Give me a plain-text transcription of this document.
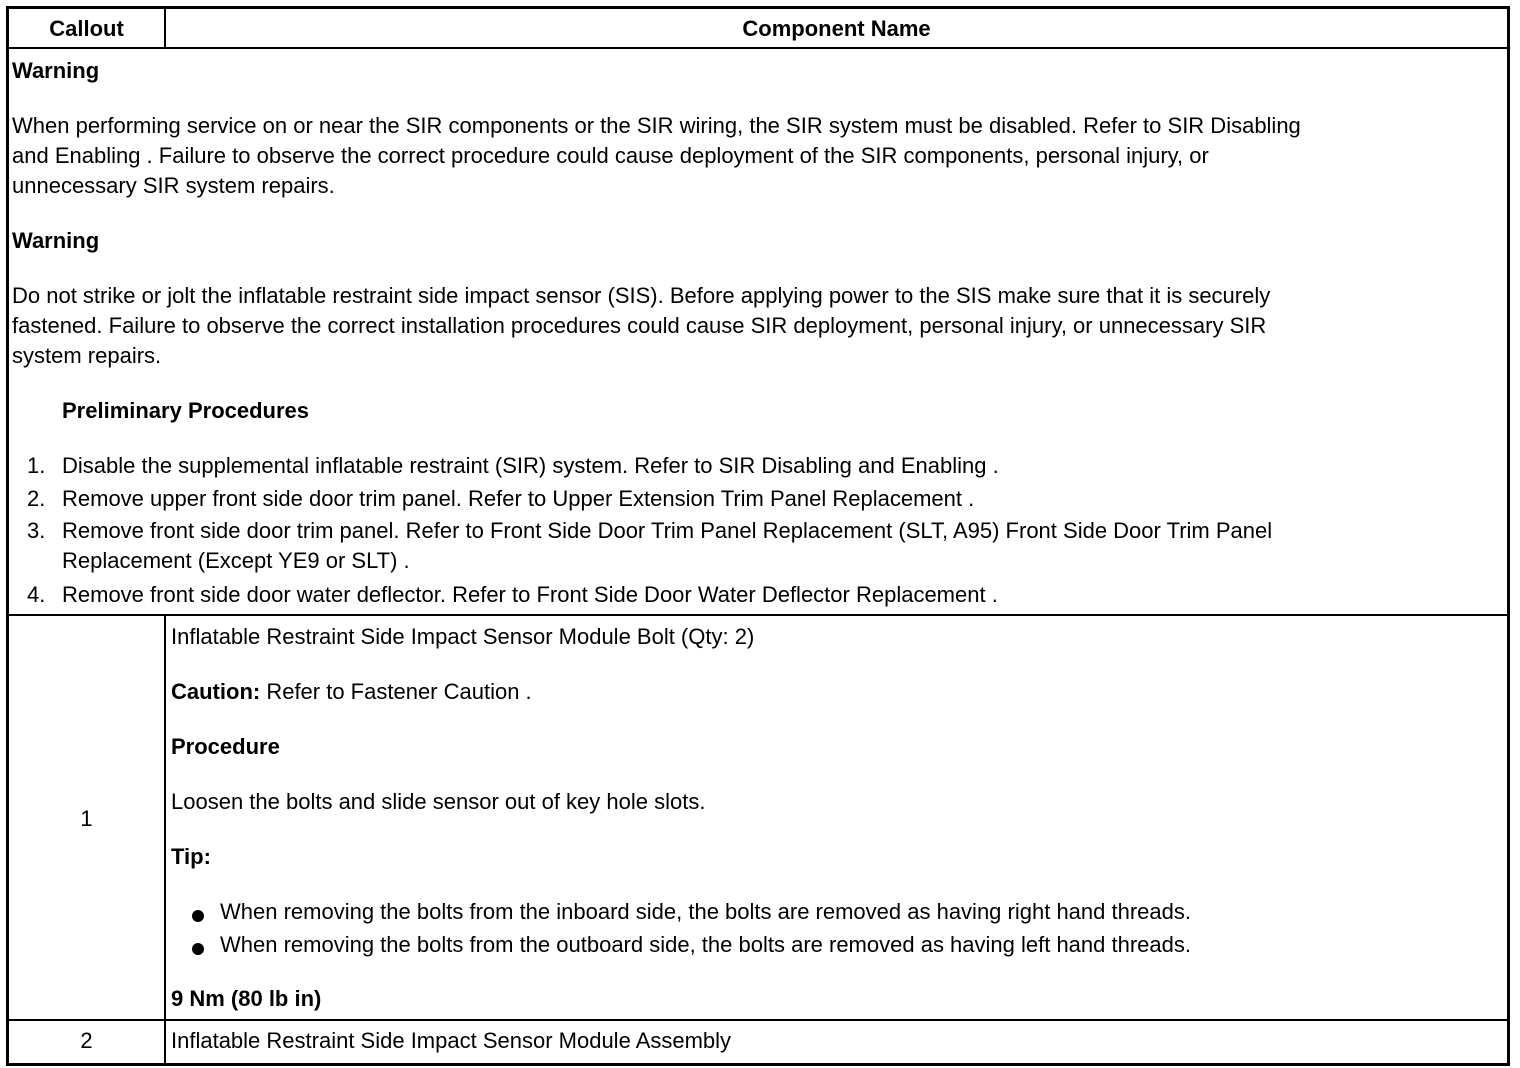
Callout	Component Name
Warning
When performing service on or near the SIR components or the SIR wiring, the SIR system must be disabled. Refer to SIR Disabling
and Enabling . Failure to observe the correct procedure could cause deployment of the SIR components, personal injury, or
unnecessary SIR system repairs.
Warning
Do not strike or jolt the inflatable restraint side impact sensor (SIS). Before applying power to the SIS make sure that it is securely
fastened. Failure to observe the correct installation procedures could cause SIR deployment, personal injury, or unnecessary SIR
system repairs.
Preliminary Procedures
1. Disable the supplemental inflatable restraint (SIR) system. Refer to SIR Disabling and Enabling .
2. Remove upper front side door trim panel. Refer to Upper Extension Trim Panel Replacement .
3. Remove front side door trim panel. Refer to Front Side Door Trim Panel Replacement (SLT, A95) Front Side Door Trim Panel
Replacement (Except YE9 or SLT) .
4. Remove front side door water deflector. Refer to Front Side Door Water Deflector Replacement .
1
Inflatable Restraint Side Impact Sensor Module Bolt (Qty: 2)
Caution: Refer to Fastener Caution .
Procedure
Loosen the bolts and slide sensor out of key hole slots.
Tip:
When removing the bolts from the inboard side, the bolts are removed as having right hand threads.
When removing the bolts from the outboard side, the bolts are removed as having left hand threads.
9 Nm (80 lb in)
2	Inflatable Restraint Side Impact Sensor Module Assembly
